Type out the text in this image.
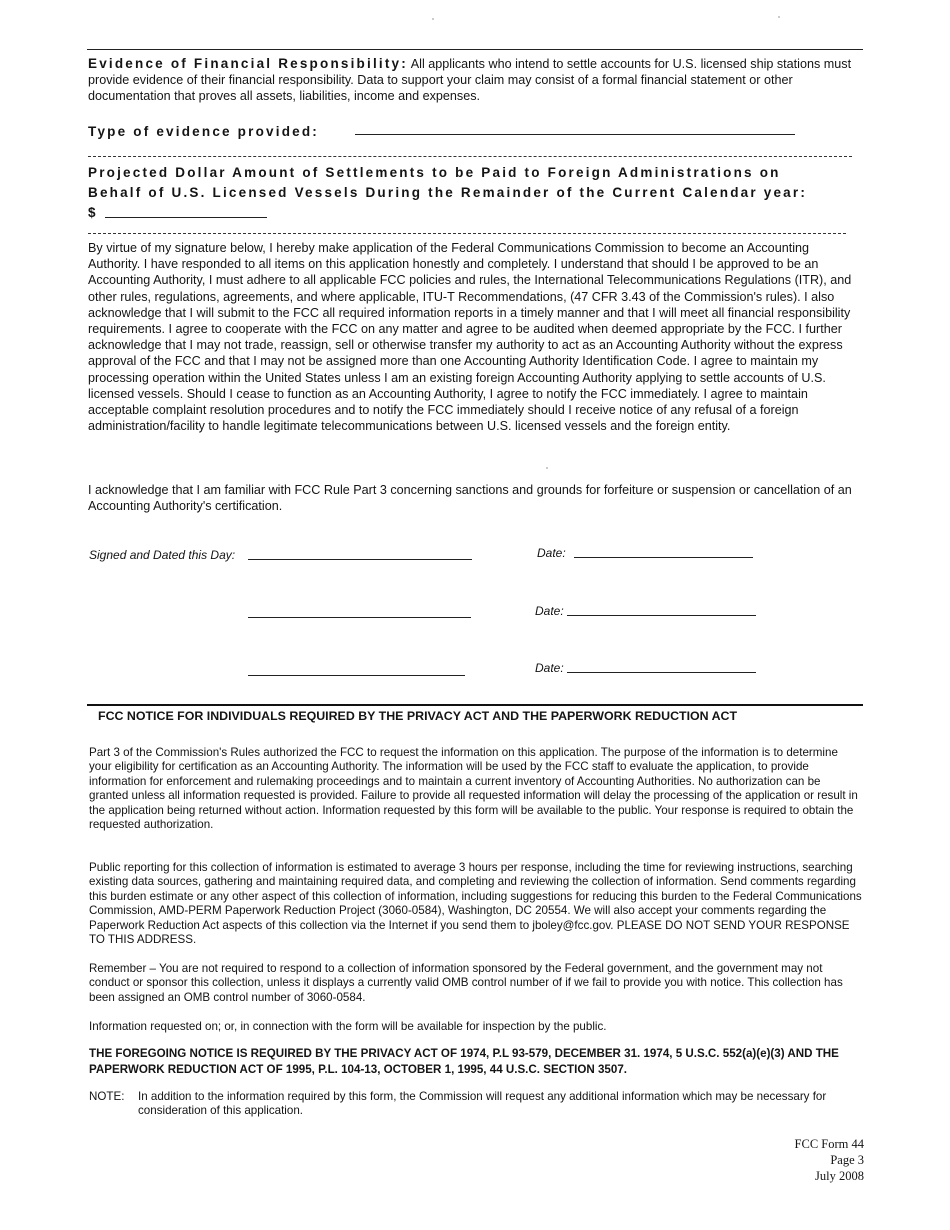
Evidence of Financial Responsibility: All applicants who intend to settle accounts for U.S. licensed ship stations must provide evidence of their financial responsibility. Data to support your claim may consist of a formal financial statement or other documentation that proves all assets, liabilities, income and expenses.
Type of evidence provided:
Projected Dollar Amount of Settlements to be Paid to Foreign Administrations on
Behalf of U.S. Licensed Vessels During the Remainder of the Current Calendar year:
$
By virtue of my signature below, I hereby make application of the Federal Communications Commission to become an Accounting Authority. I have responded to all items on this application honestly and completely. I understand that should I be approved to be an Accounting Authority, I must adhere to all applicable FCC policies and rules, the International Telecommunications Regulations (ITR), and other rules, regulations, agreements, and where applicable, ITU-T Recommendations, (47 CFR 3.43 of the Commission's rules). I also acknowledge that I will submit to the FCC all required information reports in a timely manner and that I will meet all financial responsibility requirements. I agree to cooperate with the FCC on any matter and agree to be audited when deemed appropriate by the FCC. I further acknowledge that I may not trade, reassign, sell or otherwise transfer my authority to act as an Accounting Authority without the express approval of the FCC and that I may not be assigned more than one Accounting Authority Identification Code. I agree to maintain my processing operation within the United States unless I am an existing foreign Accounting Authority applying to settle accounts of U.S. licensed vessels. Should I cease to function as an Accounting Authority, I agree to notify the FCC immediately. I agree to maintain acceptable complaint resolution procedures and to notify the FCC immediately should I receive notice of any refusal of a foreign administration/facility to handle legitimate telecommunications between U.S. licensed vessels and the foreign entity.
I acknowledge that I am familiar with FCC Rule Part 3 concerning sanctions and grounds for forfeiture or suspension or cancellation of an Accounting Authority's certification.
Signed and Dated this Day:	Date:
Date:
Date:
FCC NOTICE FOR INDIVIDUALS REQUIRED BY THE PRIVACY ACT AND THE PAPERWORK REDUCTION ACT
Part 3 of the Commission's Rules authorized the FCC to request the information on this application. The purpose of the information is to determine your eligibility for certification as an Accounting Authority. The information will be used by the FCC staff to evaluate the application, to provide information for enforcement and rulemaking proceedings and to maintain a current inventory of Accounting Authorities. No authorization can be granted unless all information requested is provided. Failure to provide all requested information will delay the processing of the application or result in the application being returned without action. Information requested by this form will be available to the public. Your response is required to obtain the requested authorization.
Public reporting for this collection of information is estimated to average 3 hours per response, including the time for reviewing instructions, searching existing data sources, gathering and maintaining required data, and completing and reviewing the collection of information. Send comments regarding this burden estimate or any other aspect of this collection of information, including suggestions for reducing this burden to the Federal Communications Commission, AMD-PERM Paperwork Reduction Project (3060-0584), Washington, DC 20554. We will also accept your comments regarding the Paperwork Reduction Act aspects of this collection via the Internet if you send them to jboley@fcc.gov. PLEASE DO NOT SEND YOUR RESPONSE TO THIS ADDRESS.
Remember – You are not required to respond to a collection of information sponsored by the Federal government, and the government may not conduct or sponsor this collection, unless it displays a currently valid OMB control number of if we fail to provide you with notice. This collection has been assigned an OMB control number of 3060-0584.
Information requested on; or, in connection with the form will be available for inspection by the public.
THE FOREGOING NOTICE IS REQUIRED BY THE PRIVACY ACT OF 1974, P.L 93-579, DECEMBER 31. 1974, 5 U.S.C. 552(a)(e)(3) AND THE PAPERWORK REDUCTION ACT OF 1995, P.L. 104-13, OCTOBER 1, 1995, 44 U.S.C. SECTION 3507.
NOTE: In addition to the information required by this form, the Commission will request any additional information which may be necessary for consideration of this application.
FCC Form 44
Page 3
July 2008
